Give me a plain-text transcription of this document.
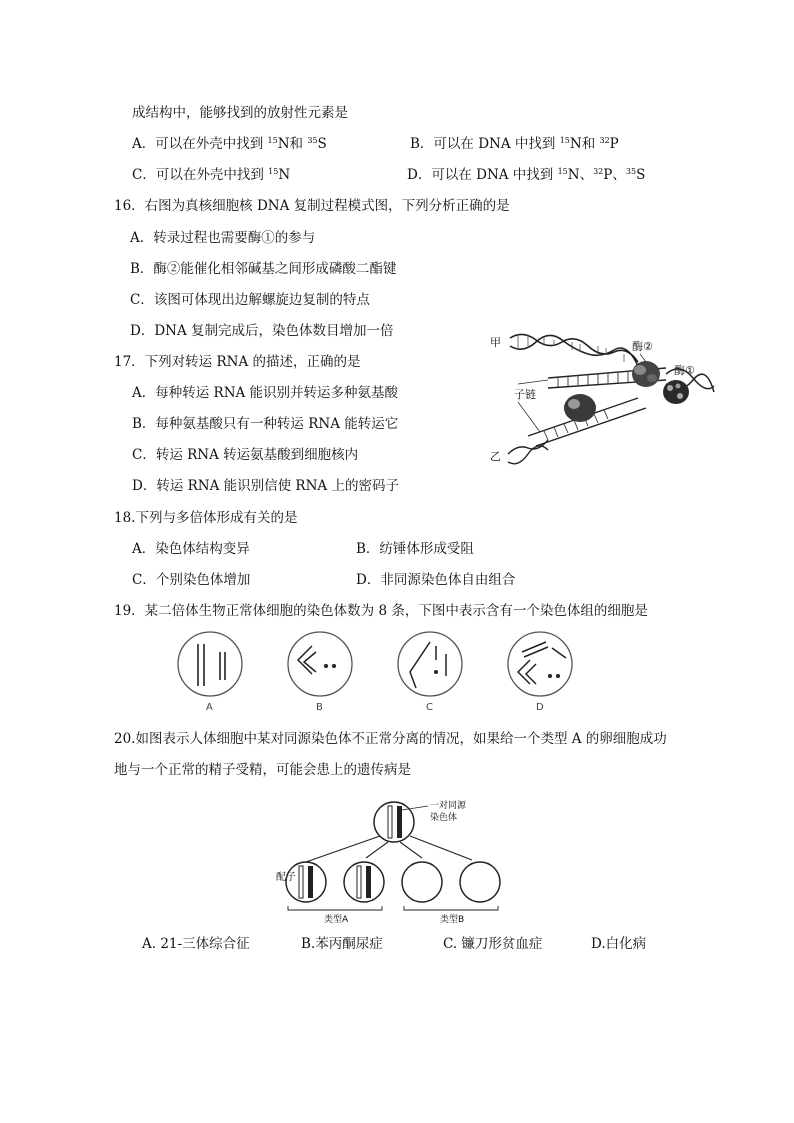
成结构中，能够找到的放射性元素是
A．可以在外壳中找到 $^{15}$N和 $^{35}$S	B．可以在 DNA 中找到 $^{15}$N和 $^{32}$P
C．可以在外壳中找到 $^{15}$N	D．可以在 DNA 中找到 $^{15}$N、$^{32}$P、$^{35}$S
16．右图为真核细胞核 DNA 复制过程模式图，下列分析正确的是
A．转录过程也需要酶①的参与
B．酶②能催化相邻碱基之间形成磷酸二酯键
C．该图可体现出边解螺旋边复制的特点
D．DNA 复制完成后，染色体数目增加一倍
甲
乙
子链
酶②
酶①
17．下列对转运 RNA 的描述，正确的是
A．每种转运 RNA 能识别并转运多种氨基酸
B．每种氨基酸只有一种转运 RNA 能转运它
C．转运 RNA 转运氨基酸到细胞核内
D．转运 RNA 能识别信使 RNA 上的密码子
18.下列与多倍体形成有关的是
A．染色体结构变异	B．纺锤体形成受阻
C．个别染色体增加	D．非同源染色体自由组合
19．某二倍体生物正常体细胞的染色体数为 8 条，下图中表示含有一个染色体组的细胞是
A	B	C	D
20.如图表示人体细胞中某对同源染色体不正常分离的情况，如果给一个类型 A 的卵细胞成功
地与一个正常的精子受精，可能会患上的遗传病是
一对同源
染色体
配子
类型A	类型B
A. 21-三体综合征	B.苯丙酮尿症	C. 镰刀形贫血症	D.白化病
